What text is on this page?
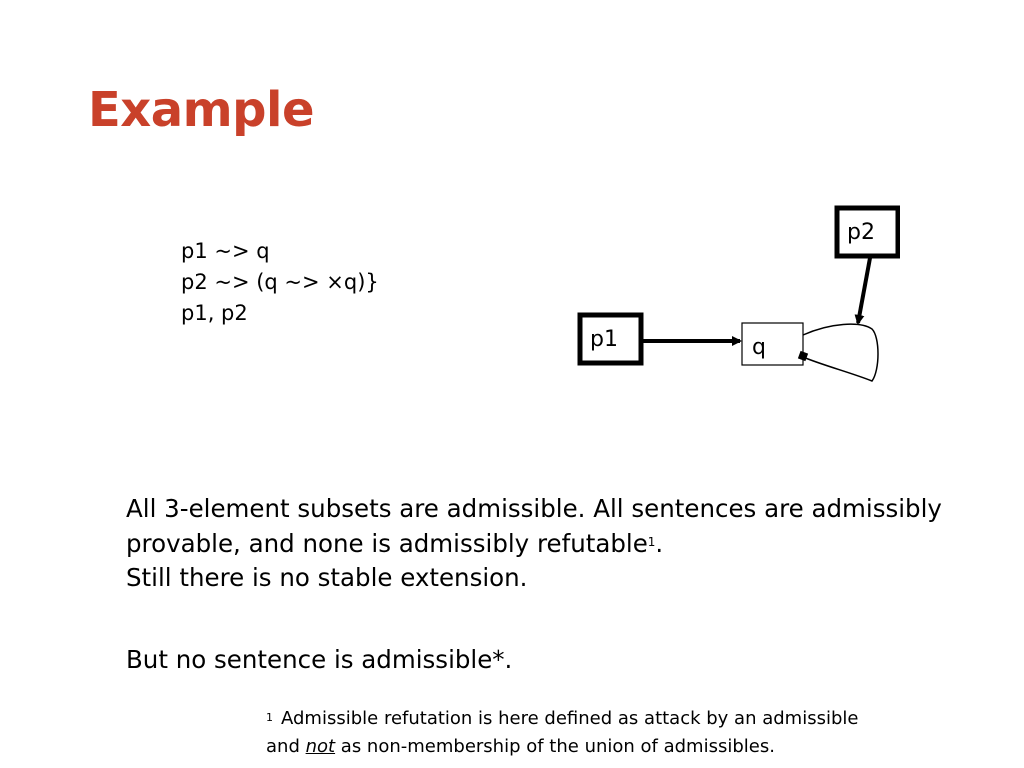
Example
p1 ~> q
p2 ~> (q ~> ×q)}
p1, p2
p2
p1	q

All 3-element subsets are admissible. All sentences are admissibly provable, and none is admissibly refutable$^1$.
Still there is no stable extension.

But no sentence is admissible*.

$^1$ Admissible refutation is here defined as attack by an admissible
and not as non-membership of the union of admissibles.
